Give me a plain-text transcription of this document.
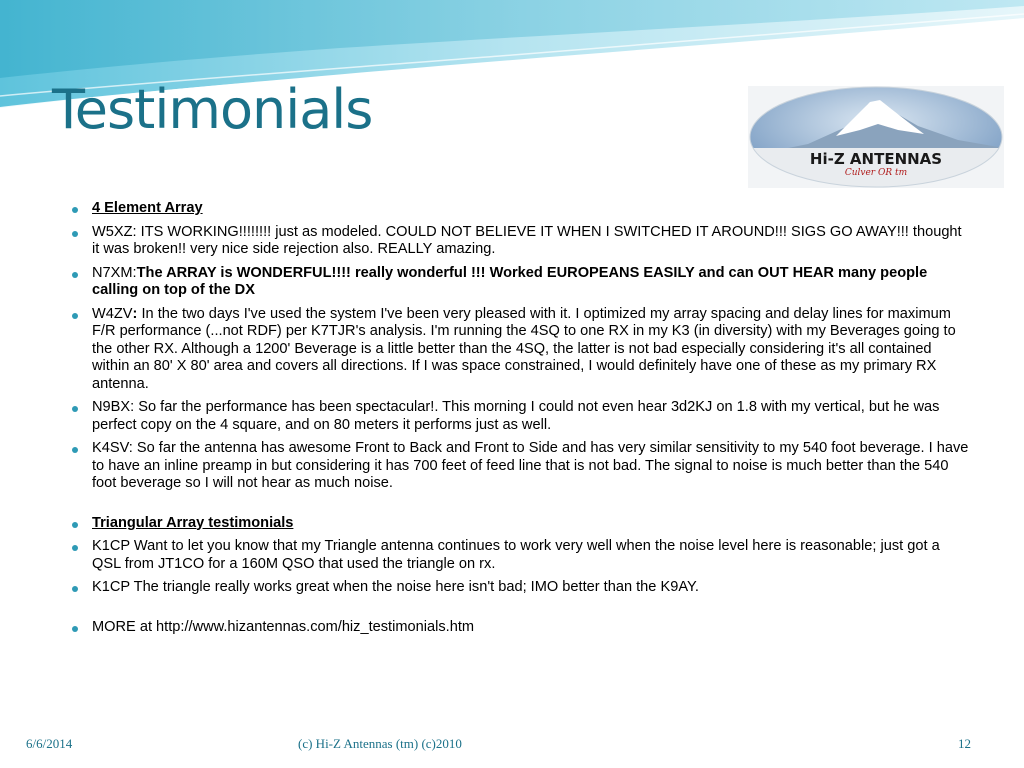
Testimonials
Hi-Z ANTENNAS
Culver OR tm
4 Element Array
W5XZ: ITS WORKING!!!!!!!! just as modeled. COULD NOT BELIEVE IT WHEN I SWITCHED IT AROUND!!! SIGS GO AWAY!!! thought it was broken!! very nice side rejection also. REALLY amazing.
N7XM:The ARRAY is WONDERFUL!!!! really wonderful !!! Worked EUROPEANS EASILY and can OUT HEAR many people calling on top of the DX
W4ZV: In the two days I've used the system I've been very pleased with it. I optimized my array spacing and delay lines for maximum F/R performance (...not RDF) per K7TJR's analysis. I'm running the 4SQ to one RX in my K3 (in diversity) with my Beverages going to the other RX. Although a 1200' Beverage is a little better than the 4SQ, the latter is not bad especially considering it's all contained within an 80' X 80' area and covers all directions. If I was space constrained, I would definitely have one of these as my primary RX antenna.
N9BX: So far the performance has been spectacular!. This morning I could not even hear 3d2KJ on 1.8 with my vertical, but he was perfect copy on the 4 square, and on 80 meters it performs just as well.
K4SV: So far the antenna has awesome Front to Back and Front to Side and has very similar sensitivity to my 540 foot beverage. I have to have an inline preamp in but considering it has 700 feet of feed line that is not bad. The signal to noise is much better than the 540 foot beverage so I will not hear as much noise.
Triangular Array testimonials
K1CP Want to let you know that my Triangle antenna continues to work very well when the noise level here is reasonable; just got a QSL from JT1CO for a 160M QSO that used the triangle on rx.
K1CP The triangle really works great when the noise here isn't bad; IMO better than the K9AY.
MORE at http://www.hizantennas.com/hiz_testimonials.htm
6/6/2014	(c) Hi-Z Antennas (tm) (c)2010	12
